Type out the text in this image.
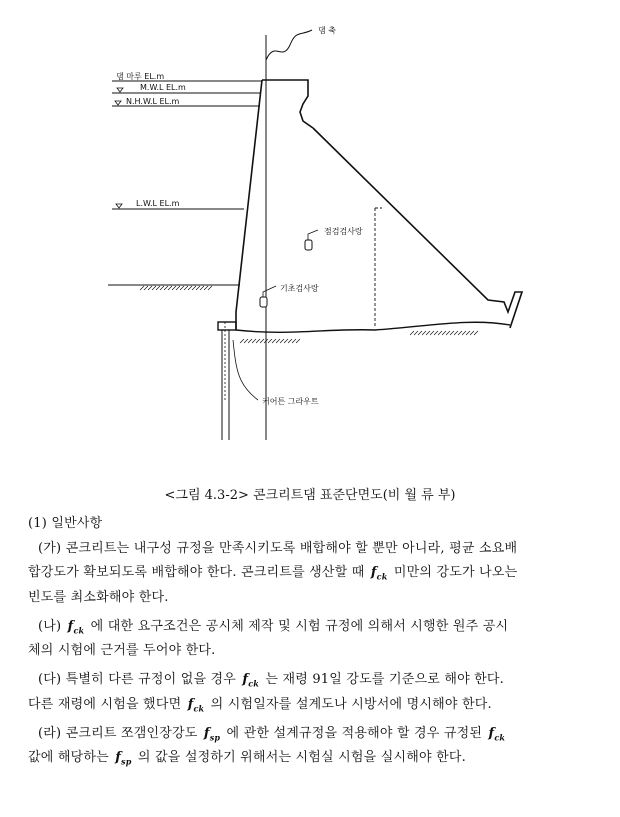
댐 축
댐 마루 EL.m
M.W.L EL.m
N.H.W.L EL.m
L.W.L EL.m
점검검사랑
기초검사랑
커어튼 그라우트
<그림 4.3-2> 콘크리트댐 표준단면도(비 월 류 부)

(1) 일반사항

(가) 콘크리트는 내구성 규정을 만족시키도록 배합해야 할 뿐만 아니라, 평균 소요배

합강도가 확보되도록 배합해야 한다. 콘크리트를 생산할 때 $f_{ck}$ 미만의 강도가 나오는

빈도를 최소화해야 한다.

(나) $f_{ck}$ 에 대한 요구조건은 공시체 제작 및 시험 규정에 의해서 시행한 원주 공시

체의 시험에 근거를 두어야 한다.

(다) 특별히 다른 규정이 없을 경우 $f_{ck}$ 는 재령 91일 강도를 기준으로 해야 한다.

다른 재령에 시험을 했다면 $f_{ck}$ 의 시험일자를 설계도나 시방서에 명시해야 한다.

(라) 콘크리트 쪼갬인장강도 $f_{sp}$ 에 관한 설계규정을 적용해야 할 경우 규정된 $f_{ck}$

값에 해당하는 $f_{sp}$ 의 값을 설정하기 위해서는 시험실 시험을 실시해야 한다.
